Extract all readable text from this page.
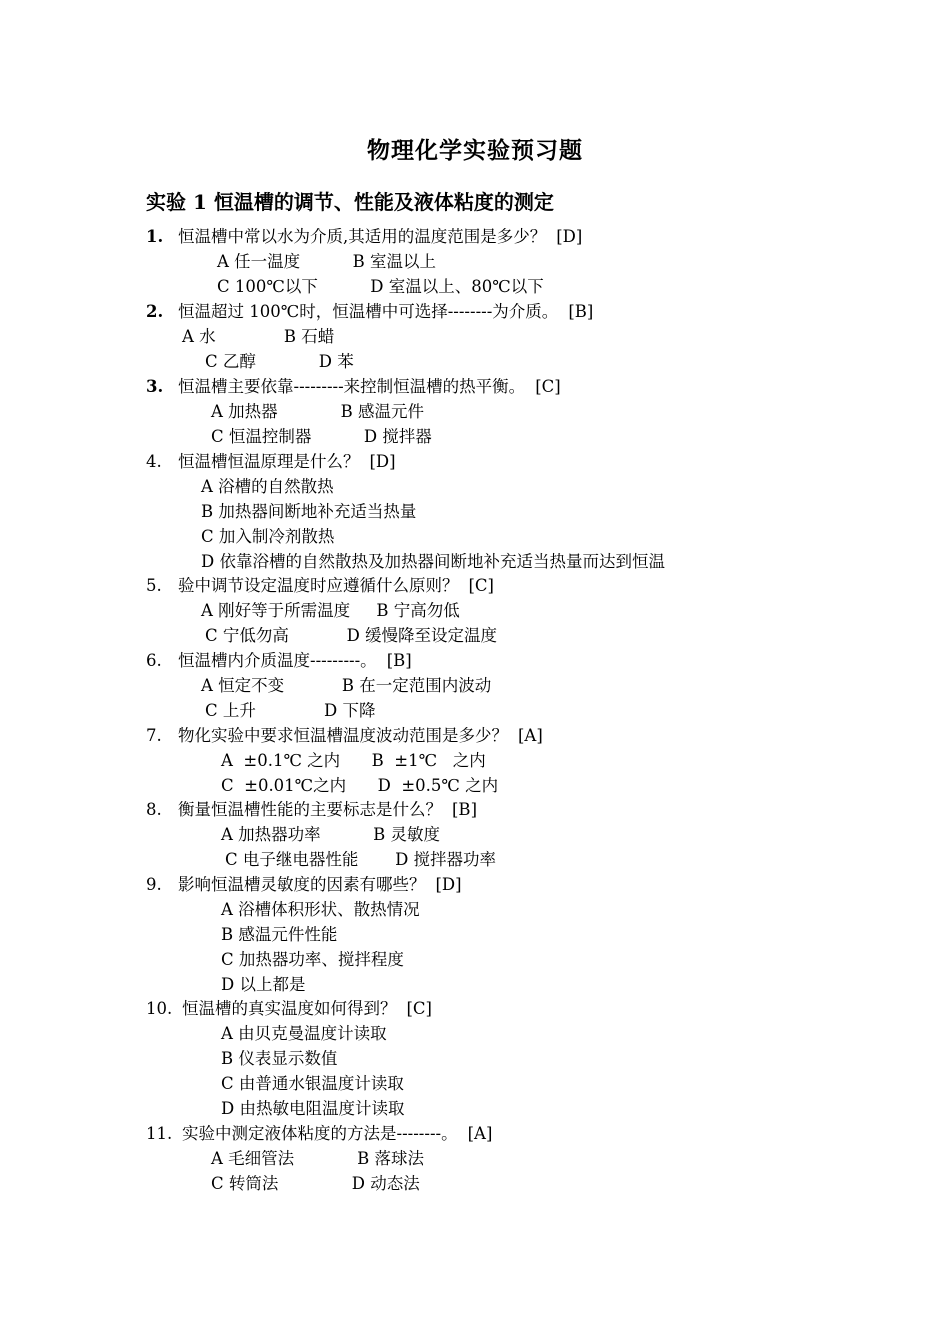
物理化学实验预习题
实验 1 恒温槽的调节、性能及液体粘度的测定
1. 恒温槽中常以水为介质,其适用的温度范围是多少？ [D]
A 任一温度          B 室温以上
C 100℃以下          D 室温以上、80℃以下
2. 恒温超过 100℃时，恒温槽中可选择--------为介质。 [B]
A 水             B 石蜡
C 乙醇            D 苯
3. 恒温槽主要依靠---------来控制恒温槽的热平衡。 [C]
A 加热器            B 感温元件
C 恒温控制器          D 搅拌器
4. 恒温槽恒温原理是什么？ [D]
A 浴槽的自然散热
B 加热器间断地补充适当热量
C 加入制冷剂散热
D 依靠浴槽的自然散热及加热器间断地补充适当热量而达到恒温
5. 验中调节设定温度时应遵循什么原则？ [C]
A 刚好等于所需温度     B 宁高勿低
C 宁低勿高           D 缓慢降至设定温度
6. 恒温槽内介质温度---------。 [B]
A 恒定不变           B 在一定范围内波动
C 上升             D 下降
7. 物化实验中要求恒温槽温度波动范围是多少？ [A]
A  ±0.1℃ 之内      B  ±1℃   之内
C  ±0.01℃之内      D  ±0.5℃ 之内
8. 衡量恒温槽性能的主要标志是什么？ [B]
A 加热器功率          B 灵敏度
C 电子继电器性能       D 搅拌器功率
9. 影响恒温槽灵敏度的因素有哪些？ [D]
A 浴槽体积形状、散热情况
B 感温元件性能
C 加热器功率、搅拌程度
D 以上都是
10. 恒温槽的真实温度如何得到？ [C]
A 由贝克曼温度计读取
B 仪表显示数值
C 由普通水银温度计读取
D 由热敏电阻温度计读取
11. 实验中测定液体粘度的方法是--------。 [A]
A 毛细管法            B 落球法
C 转筒法              D 动态法
